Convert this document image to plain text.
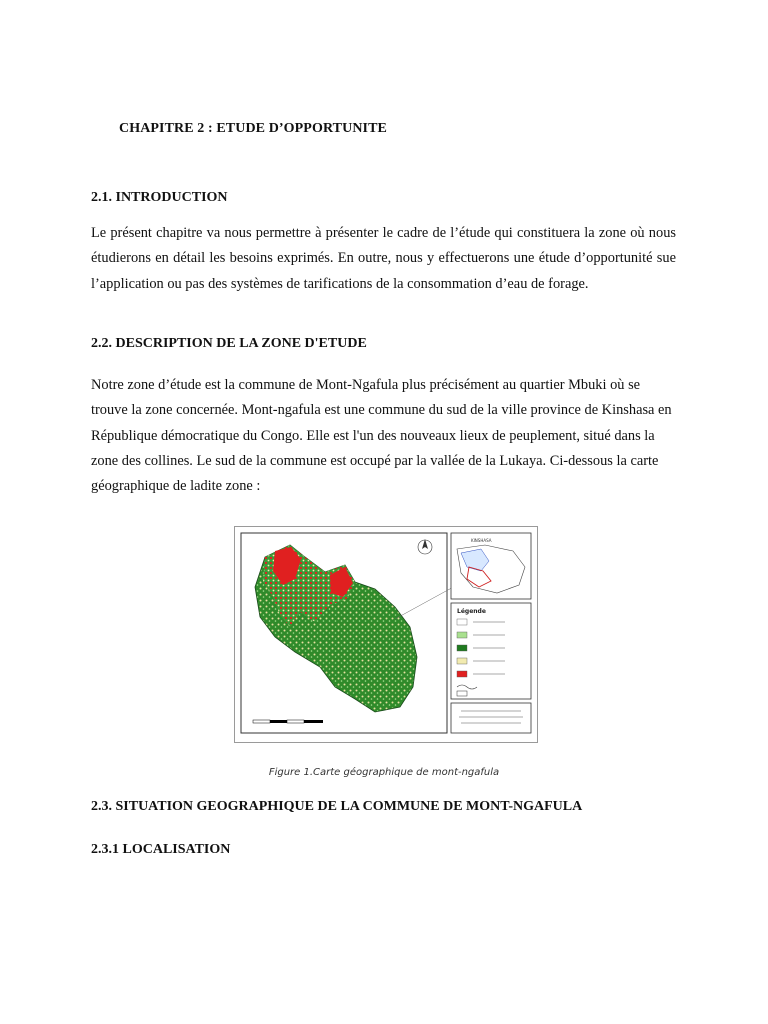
CHAPITRE 2 : ETUDE D’OPPORTUNITE
2.1. INTRODUCTION

Le présent chapitre va nous permettre à présenter le cadre de l’étude qui constituera la zone où nous étudierons en détail les besoins exprimés. En outre, nous y effectuerons une étude d’opportunité sue l’application ou pas des systèmes de tarifications de la consommation d’eau de forage.

2.2. DESCRIPTION DE LA ZONE D'ETUDE

Notre zone d’étude est la commune de Mont-Ngafula plus précisément au quartier Mbuki où se trouve la zone concernée. Mont-ngafula est une commune du sud de la ville province de Kinshasa en République démocratique du Congo. Elle est l'un des nouveaux lieux de peuplement, situé dans la zone des collines. Le sud de la commune est occupé par la vallée de la Lukaya. Ci-dessous la carte géographique de ladite zone :

KINSHASA
Légende
Figure 1.Carte géographique de mont-ngafula
2.3. SITUATION GEOGRAPHIQUE DE LA COMMUNE DE MONT-NGAFULA
2.3.1 LOCALISATION
